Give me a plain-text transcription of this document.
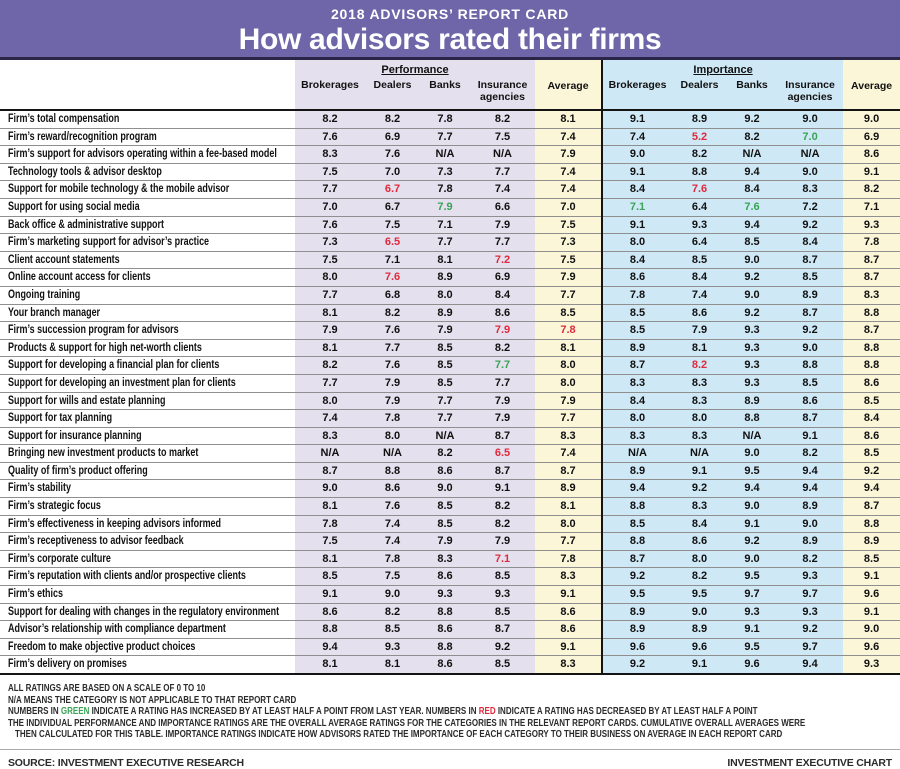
2018 ADVISORS’ REPORT CARD
How advisors rated their firms
	Performance				Average	Importance				Average
	Brokerages	Dealers	Banks	Insurance agencies		Brokerages	Dealers	Banks	Insurance agencies	
Firm’s total compensation	8.2	8.2	7.8	8.2	8.1	9.1	8.9	9.2	9.0	9.0
Firm’s reward/recognition program	7.6	6.9	7.7	7.5	7.4	7.4	5.2	8.2	7.0	6.9
Firm’s support for advisors operating within a fee-based model	8.3	7.6	N/A	N/A	7.9	9.0	8.2	N/A	N/A	8.6
Technology tools & advisor desktop	7.5	7.0	7.3	7.7	7.4	9.1	8.8	9.4	9.0	9.1
Support for mobile technology & the mobile advisor	7.7	6.7	7.8	7.4	7.4	8.4	7.6	8.4	8.3	8.2
Support for using social media	7.0	6.7	7.9	6.6	7.0	7.1	6.4	7.6	7.2	7.1
Back office & administrative support	7.6	7.5	7.1	7.9	7.5	9.1	9.3	9.4	9.2	9.3
Firm’s marketing support for advisor’s practice	7.3	6.5	7.7	7.7	7.3	8.0	6.4	8.5	8.4	7.8
Client account statements	7.5	7.1	8.1	7.2	7.5	8.4	8.5	9.0	8.7	8.7
Online account access for clients	8.0	7.6	8.9	6.9	7.9	8.6	8.4	9.2	8.5	8.7
Ongoing training	7.7	6.8	8.0	8.4	7.7	7.8	7.4	9.0	8.9	8.3
Your branch manager	8.1	8.2	8.9	8.6	8.5	8.5	8.6	9.2	8.7	8.8
Firm’s succession program for advisors	7.9	7.6	7.9	7.9	7.8	8.5	7.9	9.3	9.2	8.7
Products & support for high net-worth clients	8.1	7.7	8.5	8.2	8.1	8.9	8.1	9.3	9.0	8.8
Support for developing a financial plan for clients	8.2	7.6	8.5	7.7	8.0	8.7	8.2	9.3	8.8	8.8
Support for developing an investment plan for clients	7.7	7.9	8.5	7.7	8.0	8.3	8.3	9.3	8.5	8.6
Support for wills and estate planning	8.0	7.9	7.7	7.9	7.9	8.4	8.3	8.9	8.6	8.5
Support for tax planning	7.4	7.8	7.7	7.9	7.7	8.0	8.0	8.8	8.7	8.4
Support for insurance planning	8.3	8.0	N/A	8.7	8.3	8.3	8.3	N/A	9.1	8.6
Bringing new investment products to market	N/A	N/A	8.2	6.5	7.4	N/A	N/A	9.0	8.2	8.5
Quality of firm’s product offering	8.7	8.8	8.6	8.7	8.7	8.9	9.1	9.5	9.4	9.2
Firm’s stability	9.0	8.6	9.0	9.1	8.9	9.4	9.2	9.4	9.4	9.4
Firm’s strategic focus	8.1	7.6	8.5	8.2	8.1	8.8	8.3	9.0	8.9	8.7
Firm’s effectiveness in keeping advisors informed	7.8	7.4	8.5	8.2	8.0	8.5	8.4	9.1	9.0	8.8
Firm’s receptiveness to advisor feedback	7.5	7.4	7.9	7.9	7.7	8.8	8.6	9.2	8.9	8.9
Firm’s corporate culture	8.1	7.8	8.3	7.1	7.8	8.7	8.0	9.0	8.2	8.5
Firm’s reputation with clients and/or prospective clients	8.5	7.5	8.6	8.5	8.3	9.2	8.2	9.5	9.3	9.1
Firm’s ethics	9.1	9.0	9.3	9.3	9.1	9.5	9.5	9.7	9.7	9.6
Support for dealing with changes in the regulatory environment	8.6	8.2	8.8	8.5	8.6	8.9	9.0	9.3	9.3	9.1
Advisor’s relationship with compliance department	8.8	8.5	8.6	8.7	8.6	8.9	8.9	9.1	9.2	9.0
Freedom to make objective product choices	9.4	9.3	8.8	9.2	9.1	9.6	9.6	9.5	9.7	9.6
Firm’s delivery on promises	8.1	8.1	8.6	8.5	8.3	9.2	9.1	9.6	9.4	9.3
ALL RATINGS ARE BASED ON A SCALE OF 0 TO 10
N/A MEANS THE CATEGORY IS NOT APPLICABLE TO THAT REPORT CARD
NUMBERS IN GREEN INDICATE A RATING HAS INCREASED BY AT LEAST HALF A POINT FROM LAST YEAR. NUMBERS IN RED INDICATE A RATING HAS DECREASED BY AT LEAST HALF A POINT
THE INDIVIDUAL PERFORMANCE AND IMPORTANCE RATINGS ARE THE OVERALL AVERAGE RATINGS FOR THE CATEGORIES IN THE RELEVANT REPORT CARDS. CUMULATIVE OVERALL AVERAGES WERE
THEN CALCULATED FOR THIS TABLE. IMPORTANCE RATINGS INDICATE HOW ADVISORS RATED THE IMPORTANCE OF EACH CATEGORY TO THEIR BUSINESS ON AVERAGE IN EACH REPORT CARD
SOURCE: INVESTMENT EXECUTIVE RESEARCH	INVESTMENT EXECUTIVE CHART
